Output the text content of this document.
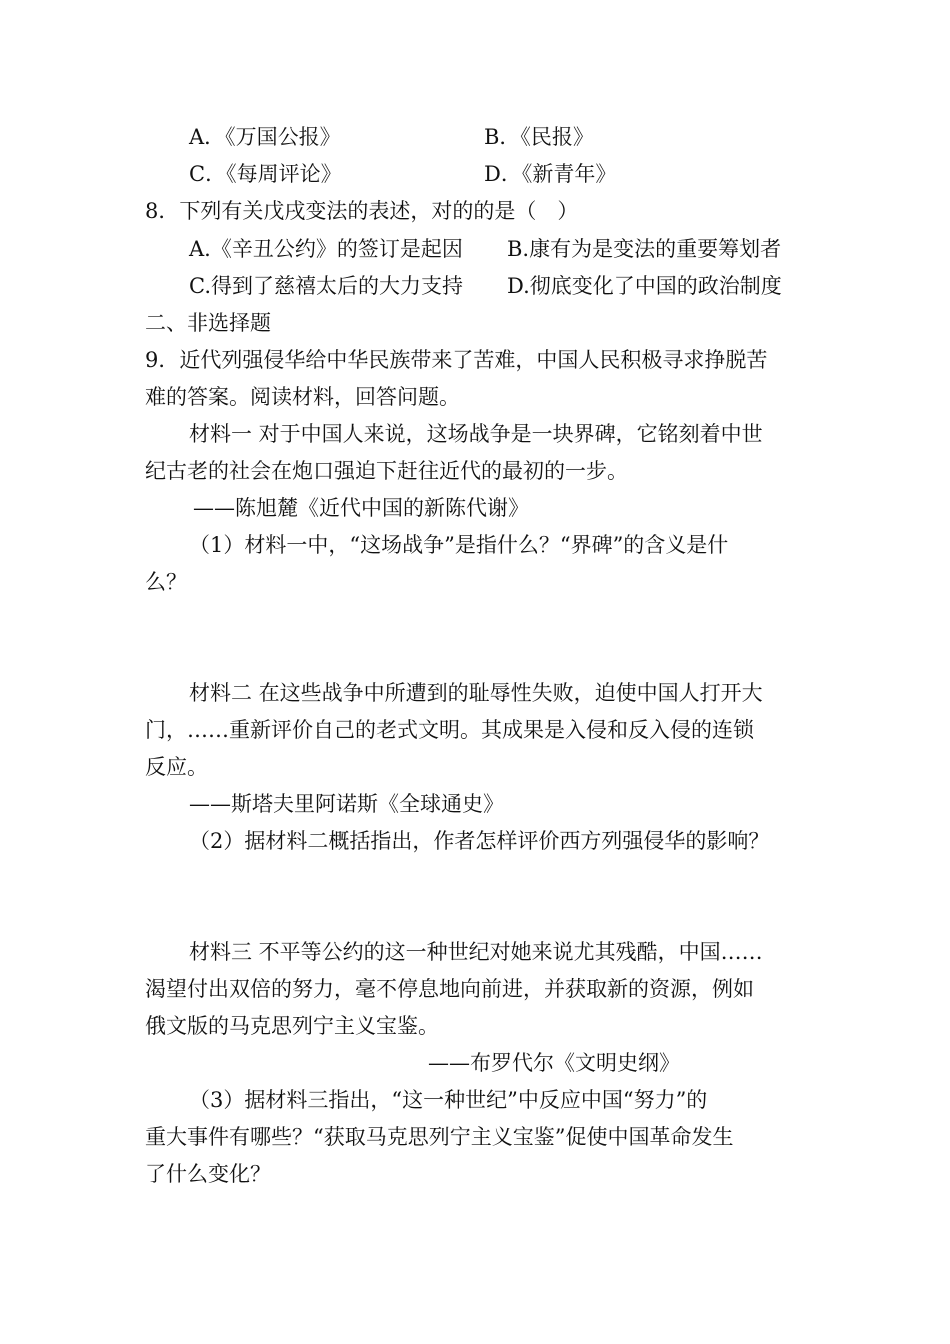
A．《万国公报》	B．《民报》
C．《每周评论》	D．《新青年》
8．下列有关戊戌变法的表述，对的的是（　）
A.《辛丑公约》的签订是起因 B.康有为是变法的重要筹划者
C.得到了慈禧太后的大力支持 D.彻底变化了中国的政治制度
二、非选择题
9．近代列强侵华给中华民族带来了苦难，中国人民积极寻求挣脱苦
难的答案。阅读材料，回答问题。
材料一 对于中国人来说，这场战争是一块界碑，它铭刻着中世
纪古老的社会在炮口强迫下赶往近代的最初的一步。
——陈旭麓《近代中国的新陈代谢》
（1）材料一中，“这场战争”是指什么？“界碑”的含义是什
么？
材料二 在这些战争中所遭到的耻辱性失败，迫使中国人打开大
门，……重新评价自己的老式文明。其成果是入侵和反入侵的连锁
反应。
——斯塔夫里阿诺斯《全球通史》
（2）据材料二概括指出，作者怎样评价西方列强侵华的影响？
材料三 不平等公约的这一种世纪对她来说尤其残酷，中国……
渴望付出双倍的努力，毫不停息地向前进，并获取新的资源，例如
俄文版的马克思列宁主义宝鉴。
——布罗代尔《文明史纲》
（3）据材料三指出，“这一种世纪”中反应中国“努力”的
重大事件有哪些？“获取马克思列宁主义宝鉴”促使中国革命发生
了什么变化？
